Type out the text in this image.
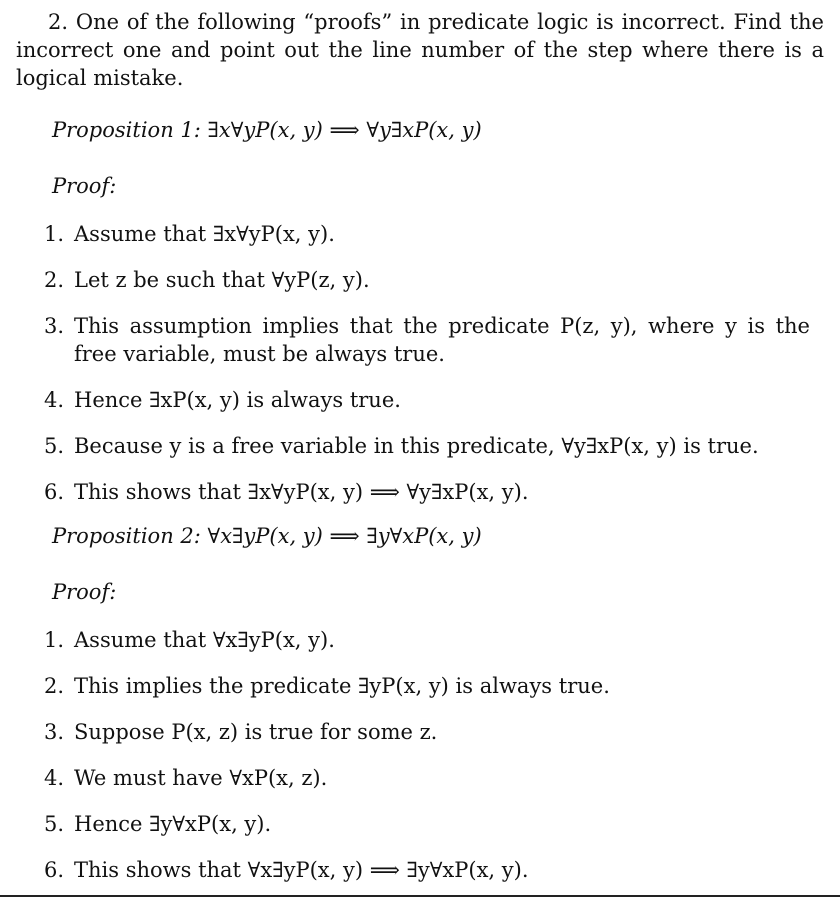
2. One of the following “proofs” in predicate logic is incorrect. Find the incorrect one and point out the line number of the step where there is a logical mistake.

Proposition 1: ∃x∀yP(x, y) ⟹ ∀y∃xP(x, y)

Proof:

1. Assume that ∃x∀yP(x, y).
2. Let z be such that ∀yP(z, y).
3. This assumption implies that the predicate P(z, y), where y is the free variable, must be always true.
4. Hence ∃xP(x, y) is always true.
5. Because y is a free variable in this predicate, ∀y∃xP(x, y) is true.
6. This shows that ∃x∀yP(x, y) ⟹ ∀y∃xP(x, y).

Proposition 2: ∀x∃yP(x, y) ⟹ ∃y∀xP(x, y)

Proof:

1. Assume that ∀x∃yP(x, y).
2. This implies the predicate ∃yP(x, y) is always true.
3. Suppose P(x, z) is true for some z.
4. We must have ∀xP(x, z).
5. Hence ∃y∀xP(x, y).
6. This shows that ∀x∃yP(x, y) ⟹ ∃y∀xP(x, y).
